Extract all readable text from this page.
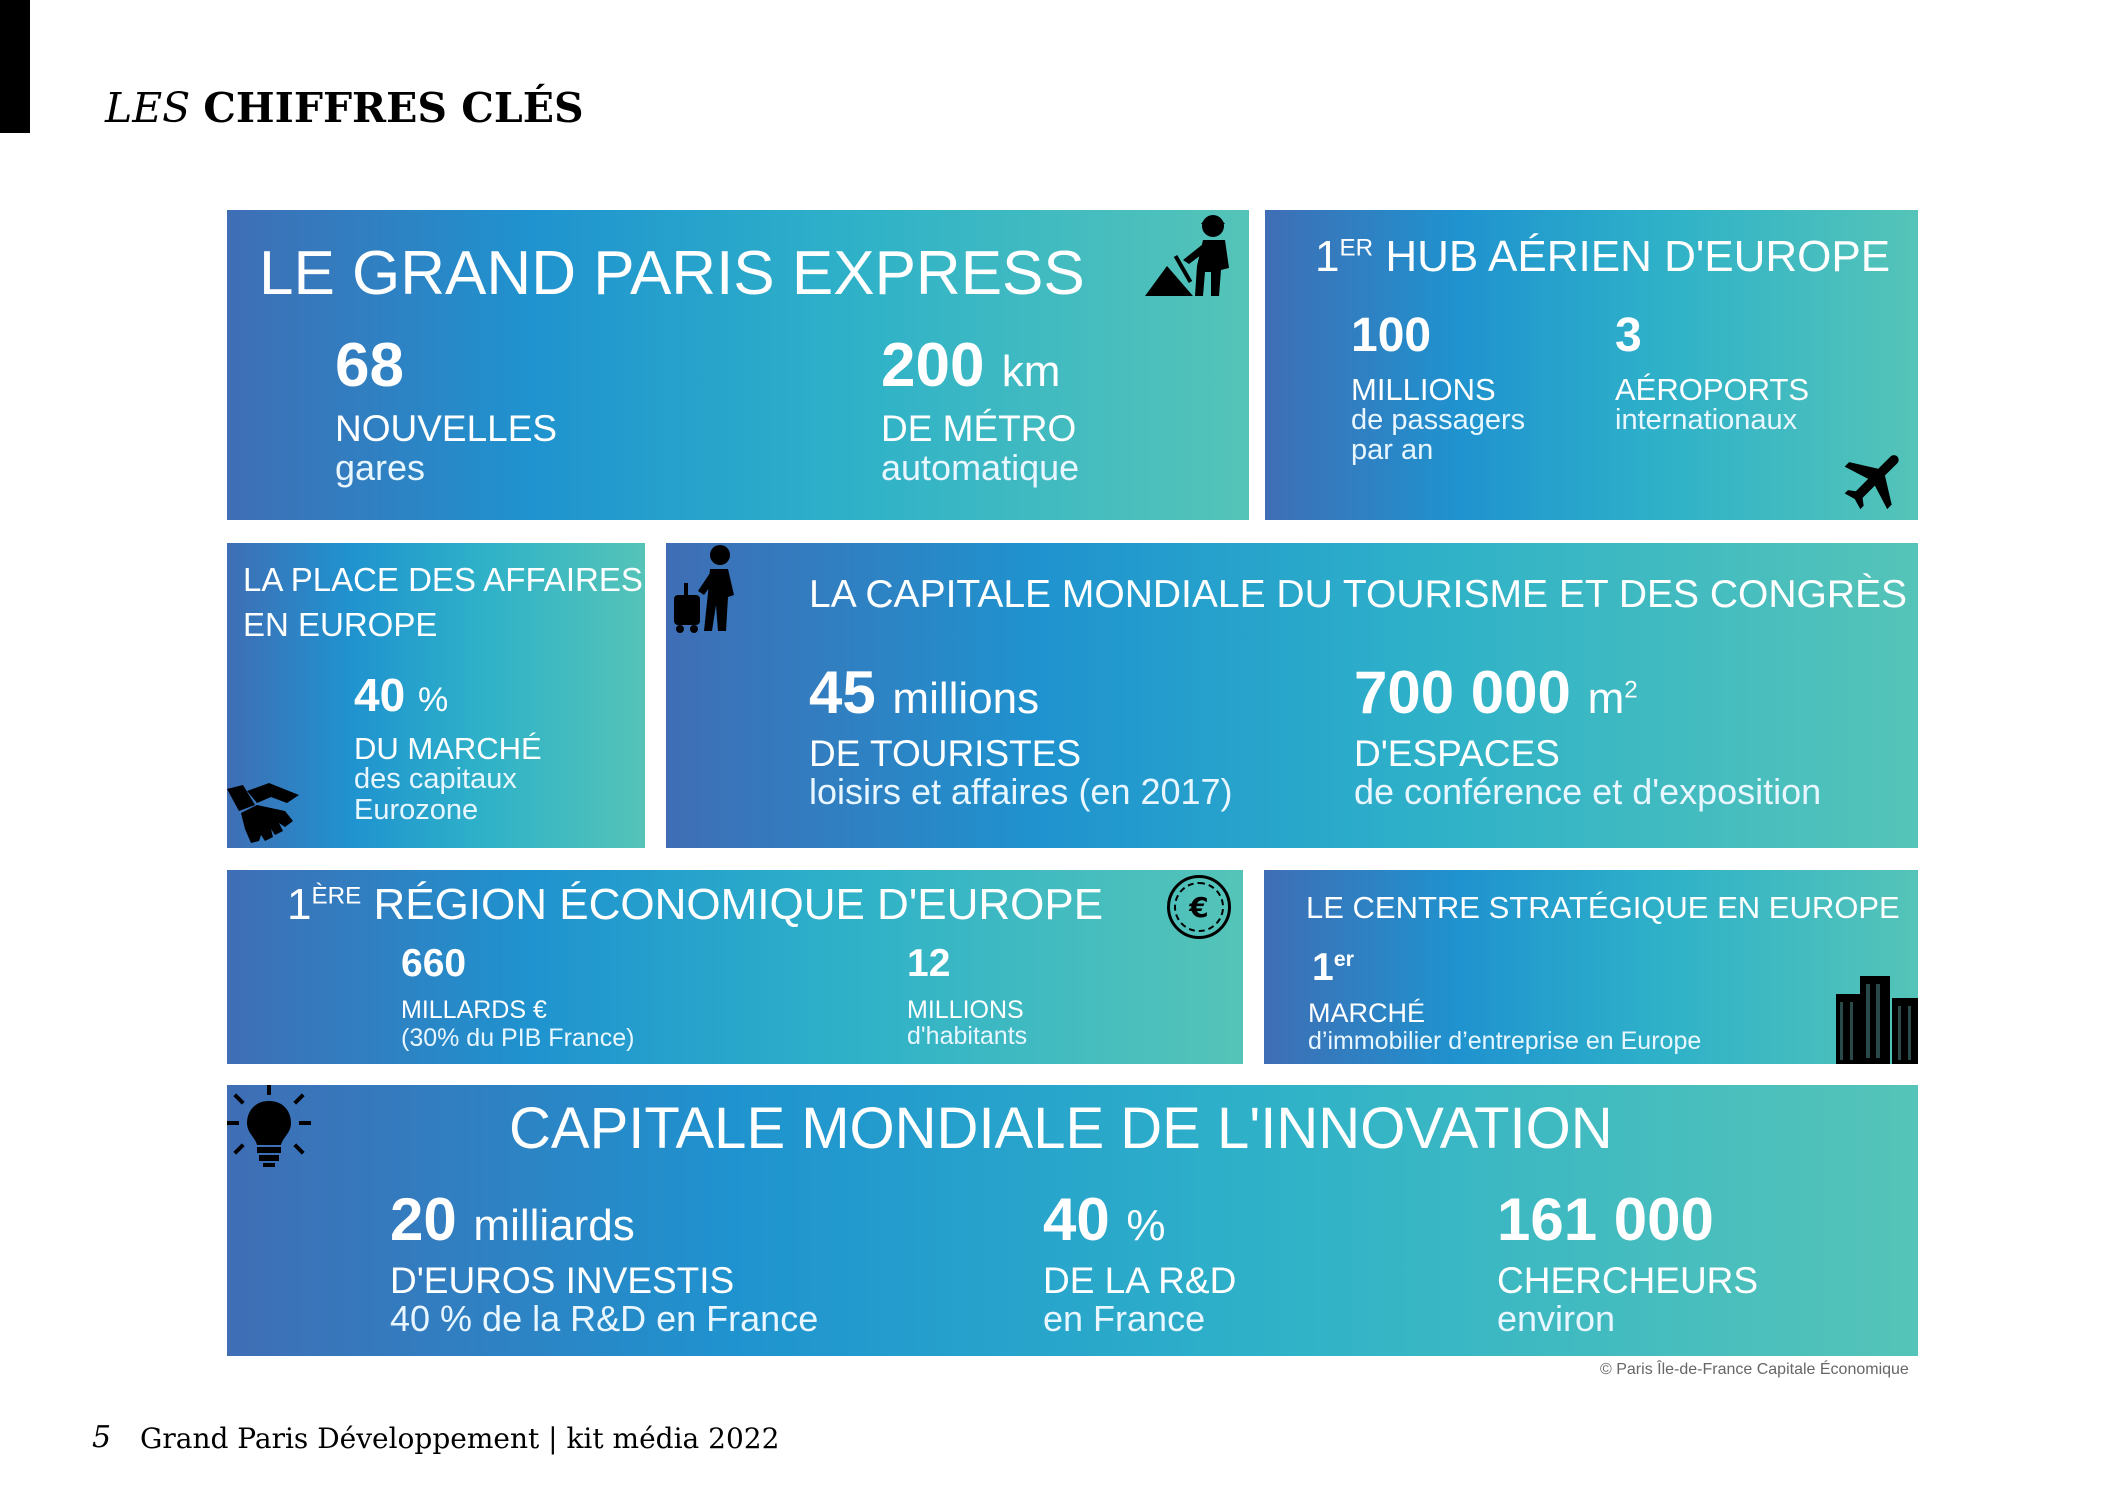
LES CHIFFRES CLÉS
LE GRAND PARIS EXPRESS
68
NOUVELLES
gares
200 km
DE MÉTRO
automatique
1ER HUB AÉRIEN D'EUROPE
100
MILLIONS
de passagers
par an
3
AÉROPORTS
internationaux
LA PLACE DES AFFAIRES
EN EUROPE
40 %
DU MARCHÉ
des capitaux
Eurozone
LA CAPITALE MONDIALE DU TOURISME ET DES CONGRÈS
45 millions
DE TOURISTES
loisirs et affaires (en 2017)
700 000 $m^2$
D'ESPACES
de conférence et d'exposition
1ÈRE RÉGION ÉCONOMIQUE D'EUROPE
660
MILLARDS €
(30% du PIB France)
12
MILLIONS
d'habitants
€	LE CENTRE STRATÉGIQUE EN EUROPE
1er
MARCHÉ
d’immobilier d’entreprise en Europe
CAPITALE MONDIALE DE L'INNOVATION
20 milliards
D'EUROS INVESTIS
40 % de la R&D en France
40 %
DE LA R&D
en France
161 000
CHERCHEURS
environ
© Paris Île-de-France Capitale Économique
5 Grand Paris Développement | kit média 2022
